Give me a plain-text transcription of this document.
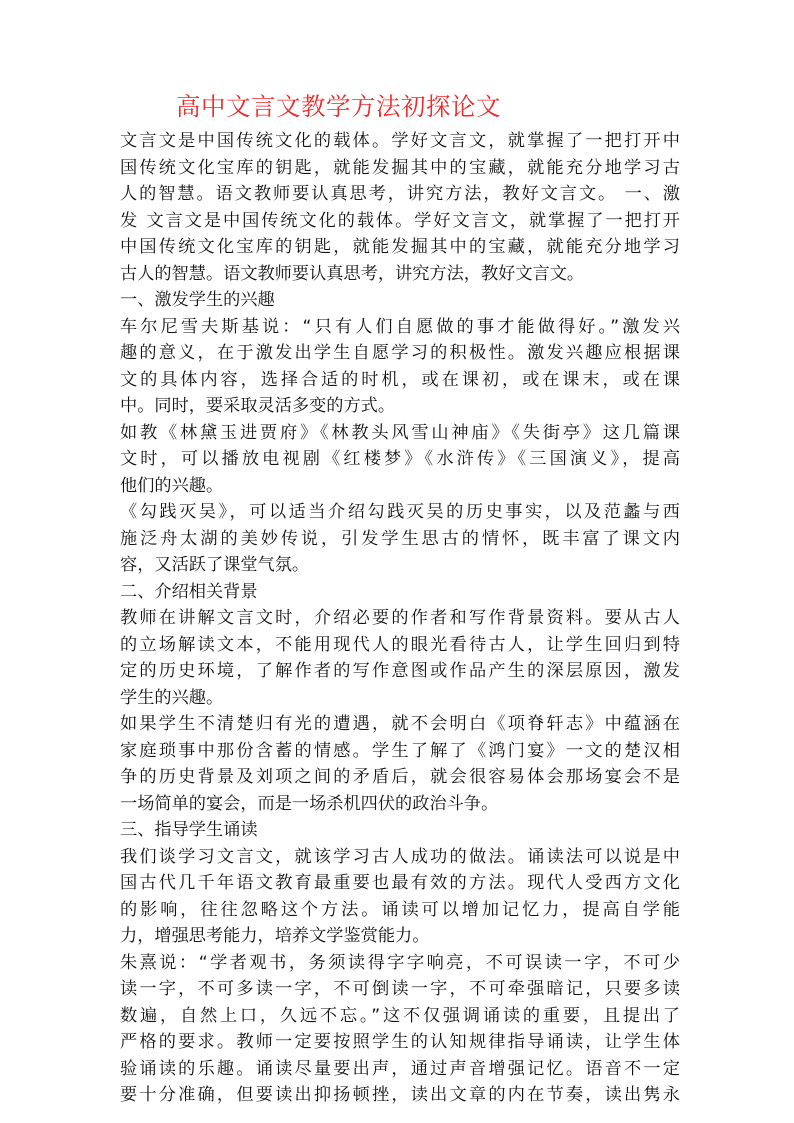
高中文言文教学方法初探论文
文言文是中国传统文化的载体。学好文言文，就掌握了一把打开中
国传统文化宝库的钥匙，就能发掘其中的宝藏，就能充分地学习古
人的智慧。语文教师要认真思考，讲究方法，教好文言文。 一、激
发 文言文是中国传统文化的载体。学好文言文，就掌握了一把打开
中国传统文化宝库的钥匙，就能发掘其中的宝藏，就能充分地学习
古人的智慧。语文教师要认真思考，讲究方法，教好文言文。
一、激发学生的兴趣
车尔尼雪夫斯基说：“只有人们自愿做的事才能做得好。”激发兴
趣的意义，在于激发出学生自愿学习的积极性。激发兴趣应根据课
文的具体内容，选择合适的时机，或在课初，或在课末，或在课
中。同时，要采取灵活多变的方式。
如教《林黛玉进贾府》《林教头风雪山神庙》《失街亭》这几篇课
文时，可以播放电视剧《红楼梦》《水浒传》《三国演义》，提高
他们的兴趣。
《勾践灭吴》，可以适当介绍勾践灭吴的历史事实，以及范蠡与西
施泛舟太湖的美妙传说，引发学生思古的情怀，既丰富了课文内
容，又活跃了课堂气氛。
二、介绍相关背景
教师在讲解文言文时，介绍必要的作者和写作背景资料。要从古人
的立场解读文本，不能用现代人的眼光看待古人，让学生回归到特
定的历史环境，了解作者的写作意图或作品产生的深层原因，激发
学生的兴趣。
如果学生不清楚归有光的遭遇，就不会明白《项脊轩志》中蕴涵在
家庭琐事中那份含蓄的情感。学生了解了《鸿门宴》一文的楚汉相
争的历史背景及刘项之间的矛盾后，就会很容易体会那场宴会不是
一场简单的宴会，而是一场杀机四伏的政治斗争。
三、指导学生诵读
我们谈学习文言文，就该学习古人成功的做法。诵读法可以说是中
国古代几千年语文教育最重要也最有效的方法。现代人受西方文化
的影响，往往忽略这个方法。诵读可以增加记忆力，提高自学能
力，增强思考能力，培养文学鉴赏能力。
朱熹说：“学者观书，务须读得字字响亮，不可误读一字，不可少
读一字，不可多读一字，不可倒读一字，不可牵强暗记，只要多读
数遍，自然上口，久远不忘。”这不仅强调诵读的重要，且提出了
严格的要求。教师一定要按照学生的认知规律指导诵读，让学生体
验诵读的乐趣。诵读尽量要出声，通过声音增强记忆。语音不一定
要十分准确，但要读出抑扬顿挫，读出文章的内在节奏，读出隽永
